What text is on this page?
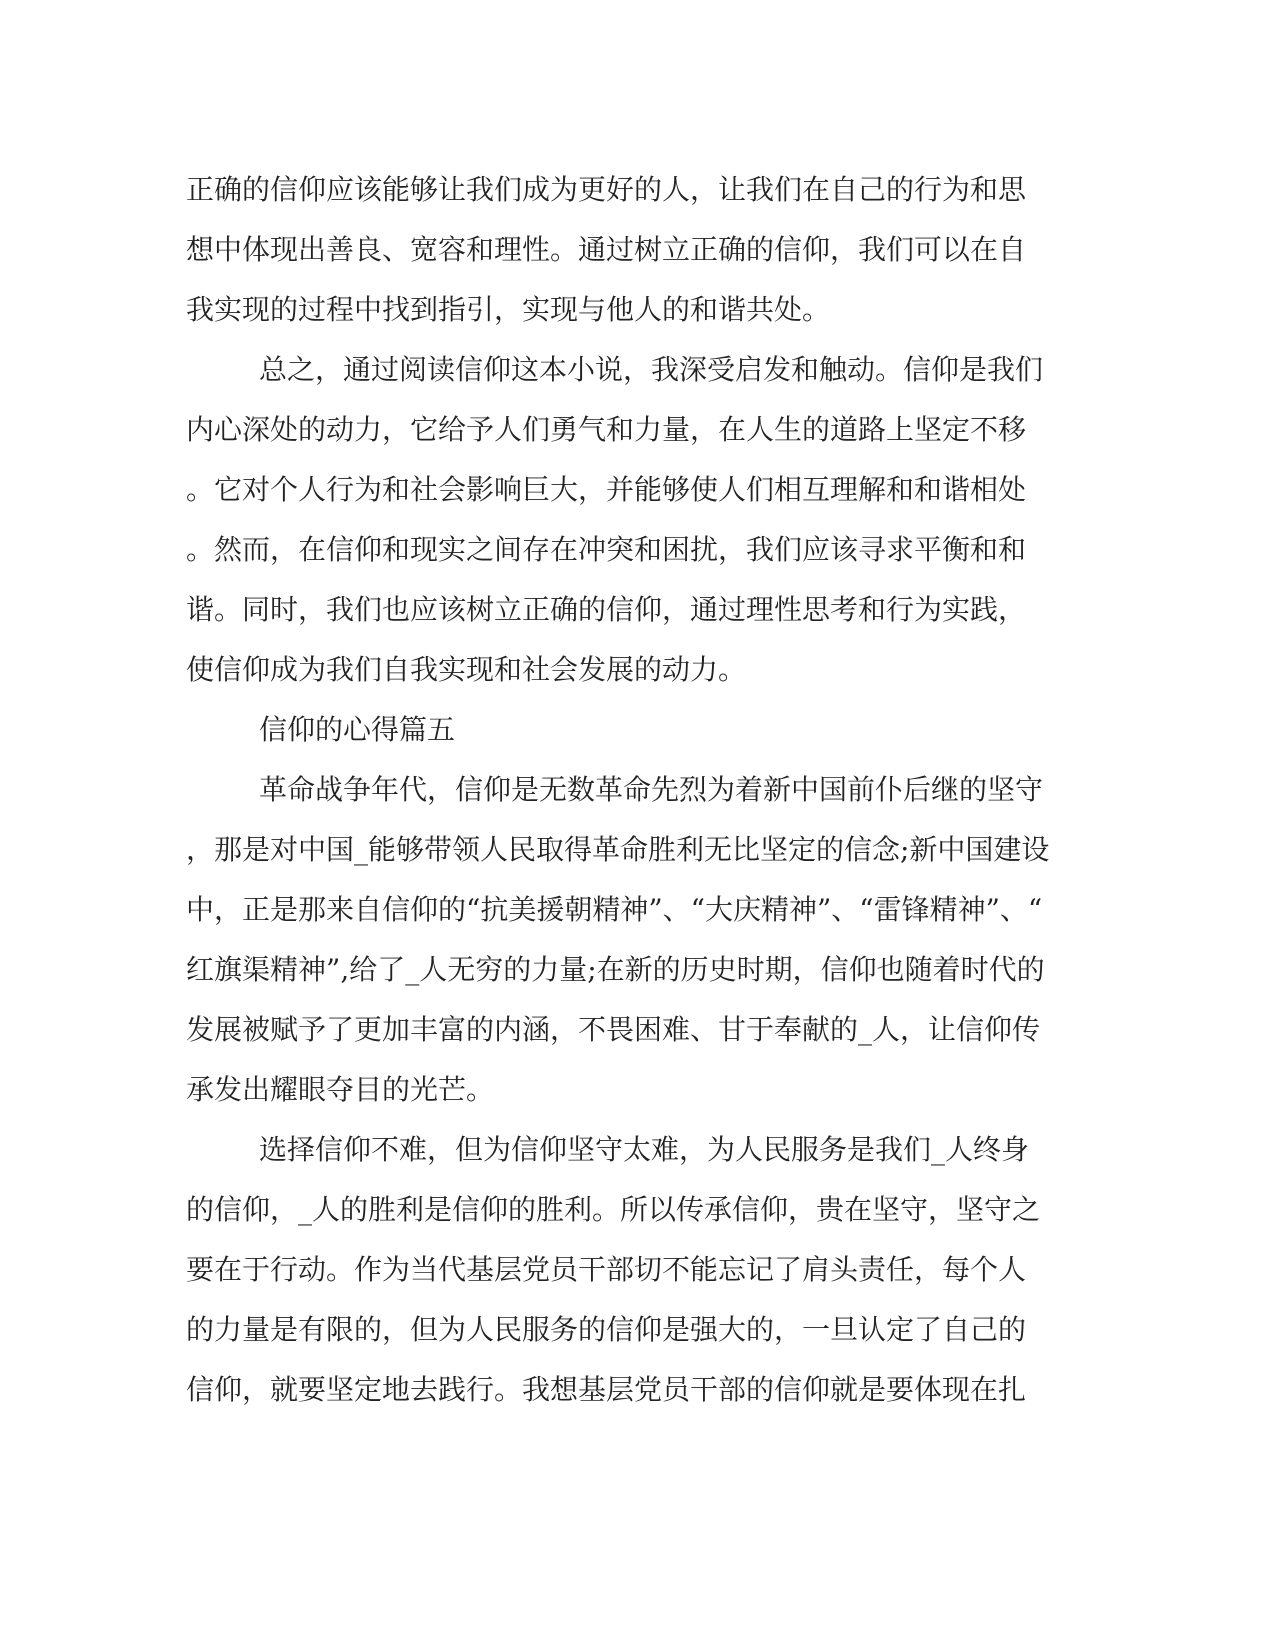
正确的信仰应该能够让我们成为更好的人，让我们在自己的行为和思
想中体现出善良、宽容和理性。通过树立正确的信仰，我们可以在自
我实现的过程中找到指引，实现与他人的和谐共处。
总之，通过阅读信仰这本小说，我深受启发和触动。信仰是我们
内心深处的动力，它给予人们勇气和力量，在人生的道路上坚定不移
。它对个人行为和社会影响巨大，并能够使人们相互理解和和谐相处
。然而，在信仰和现实之间存在冲突和困扰，我们应该寻求平衡和和
谐。同时，我们也应该树立正确的信仰，通过理性思考和行为实践，
使信仰成为我们自我实现和社会发展的动力。
信仰的心得篇五
革命战争年代，信仰是无数革命先烈为着新中国前仆后继的坚守
，那是对中国_能够带领人民取得革命胜利无比坚定的信念;新中国建设
中，正是那来自信仰的“抗美援朝精神”、“大庆精神”、“雷锋精神”、“
红旗渠精神”,给了_人无穷的力量;在新的历史时期，信仰也随着时代的
发展被赋予了更加丰富的内涵，不畏困难、甘于奉献的_人，让信仰传
承发出耀眼夺目的光芒。
选择信仰不难，但为信仰坚守太难，为人民服务是我们_人终身
的信仰，_人的胜利是信仰的胜利。所以传承信仰，贵在坚守，坚守之
要在于行动。作为当代基层党员干部切不能忘记了肩头责任，每个人
的力量是有限的，但为人民服务的信仰是强大的，一旦认定了自己的
信仰，就要坚定地去践行。我想基层党员干部的信仰就是要体现在扎
